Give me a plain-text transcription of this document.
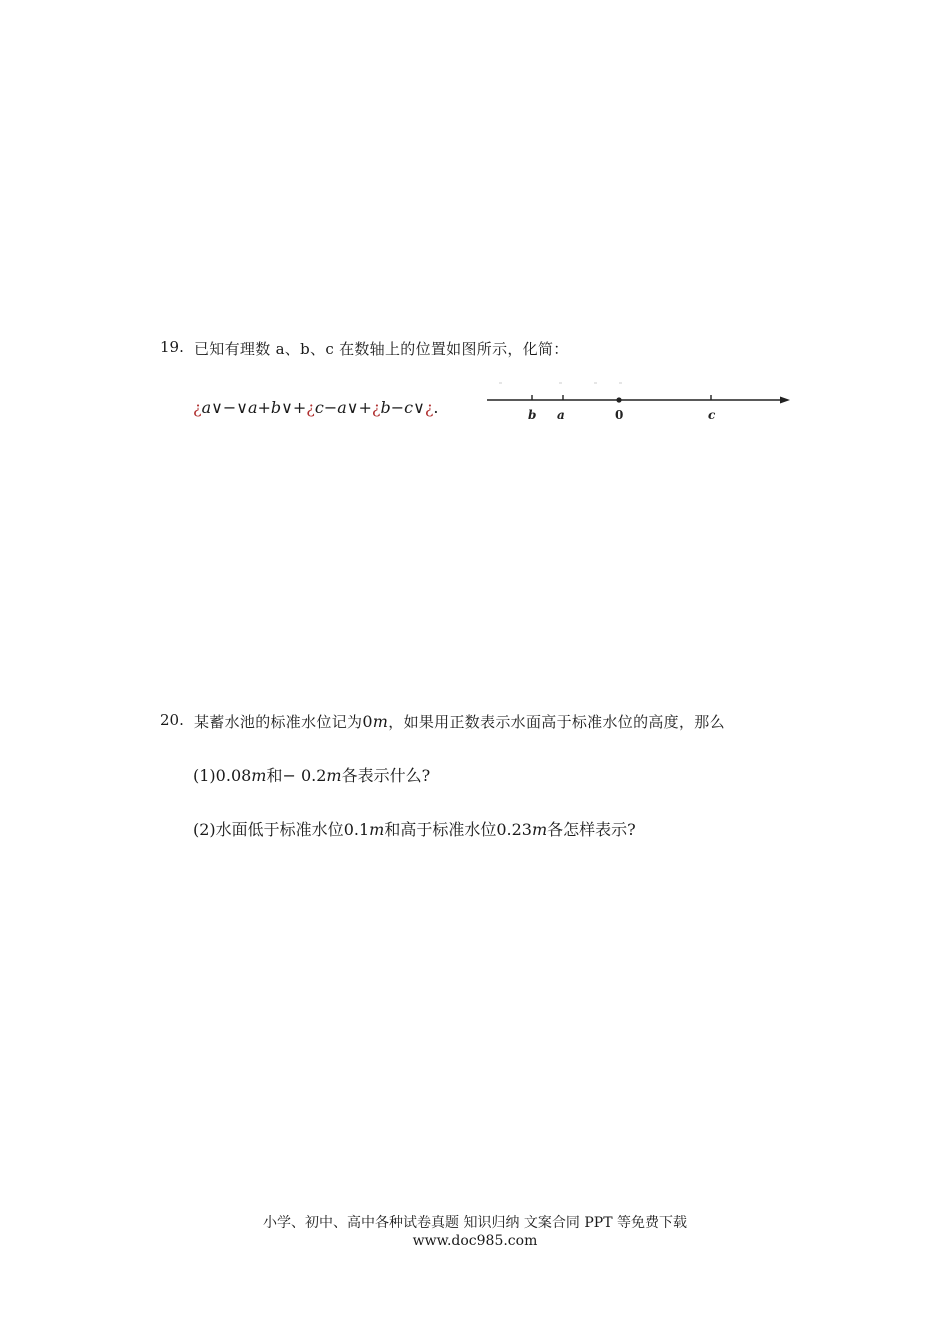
19. 已知有理数 a、b、c 在数轴上的位置如图所示，化简：
¿a∨−∨a+b∨+¿c−a∨+¿b−c∨¿.	b a	0	c
20. 某蓄水池的标准水位记为0m，如果用正数表示水面高于标准水位的高度，那么
(1)0.08m和− 0.2m各表示什么?
(2)水面低于标准水位0.1m和高于标准水位0.23m各怎样表示?
小学、初中、高中各种试卷真题 知识归纳 文案合同 PPT 等免费下载
www.doc985.com
